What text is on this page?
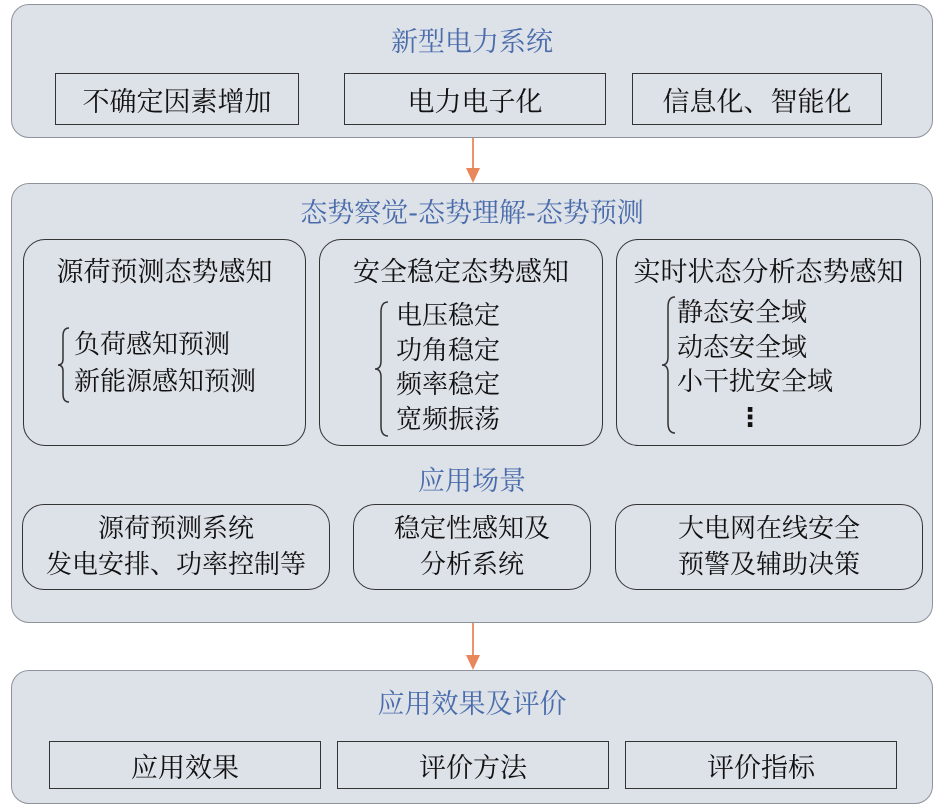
新型电力系统
不确定因素增加	电力电子化	信息化、智能化
态势察觉-态势理解-态势预测
源荷预测态势感知
负荷感知预测
新能源感知预测
安全稳定态势感知
电压稳定
功角稳定
频率稳定
宽频振荡
实时状态分析态势感知
静态安全域
动态安全域
小干扰安全域
⋮
应用场景
源荷预测系统
发电安排、功率控制等
稳定性感知及
分析系统
大电网在线安全
预警及辅助决策
应用效果及评价
应用效果	评价方法	评价指标
